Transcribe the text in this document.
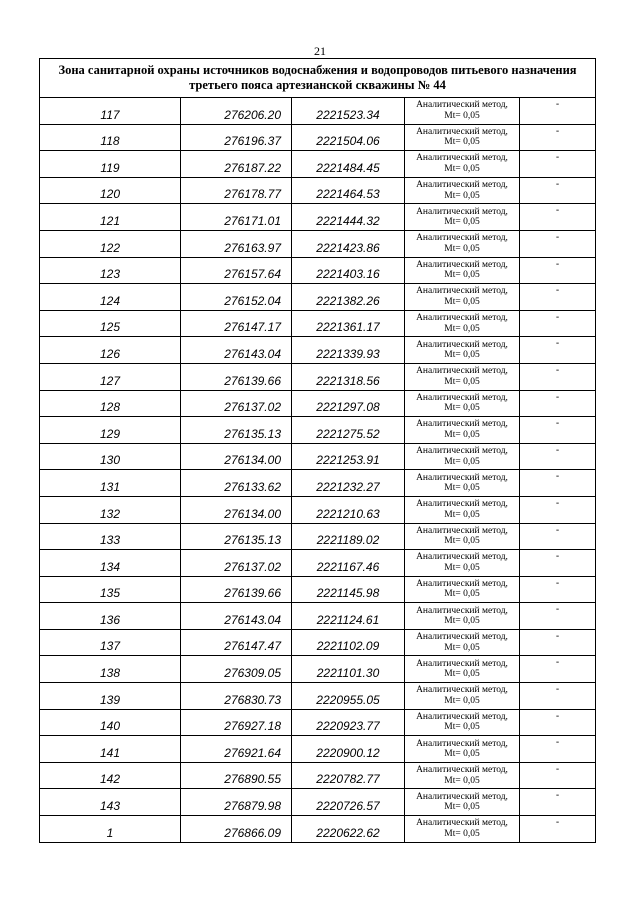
21
Зона санитарной охраны источников водоснабжения и водопроводов питьевого назначения
третьего пояса артезианской скважины № 44				
117	276206.20	2221523.34	Аналитический метод,
Mt= 0,05	-
118	276196.37	2221504.06	Аналитический метод,
Mt= 0,05	-
119	276187.22	2221484.45	Аналитический метод,
Mt= 0,05	-
120	276178.77	2221464.53	Аналитический метод,
Mt= 0,05	-
121	276171.01	2221444.32	Аналитический метод,
Mt= 0,05	-
122	276163.97	2221423.86	Аналитический метод,
Mt= 0,05	-
123	276157.64	2221403.16	Аналитический метод,
Mt= 0,05	-
124	276152.04	2221382.26	Аналитический метод,
Mt= 0,05	-
125	276147.17	2221361.17	Аналитический метод,
Mt= 0,05	-
126	276143.04	2221339.93	Аналитический метод,
Mt= 0,05	-
127	276139.66	2221318.56	Аналитический метод,
Mt= 0,05	-
128	276137.02	2221297.08	Аналитический метод,
Mt= 0,05	-
129	276135.13	2221275.52	Аналитический метод,
Mt= 0,05	-
130	276134.00	2221253.91	Аналитический метод,
Mt= 0,05	-
131	276133.62	2221232.27	Аналитический метод,
Mt= 0,05	-
132	276134.00	2221210.63	Аналитический метод,
Mt= 0,05	-
133	276135.13	2221189.02	Аналитический метод,
Mt= 0,05	-
134	276137.02	2221167.46	Аналитический метод,
Mt= 0,05	-
135	276139.66	2221145.98	Аналитический метод,
Mt= 0,05	-
136	276143.04	2221124.61	Аналитический метод,
Mt= 0,05	-
137	276147.47	2221102.09	Аналитический метод,
Mt= 0,05	-
138	276309.05	2221101.30	Аналитический метод,
Mt= 0,05	-
139	276830.73	2220955.05	Аналитический метод,
Mt= 0,05	-
140	276927.18	2220923.77	Аналитический метод,
Mt= 0,05	-
141	276921.64	2220900.12	Аналитический метод,
Mt= 0,05	-
142	276890.55	2220782.77	Аналитический метод,
Mt= 0,05	-
143	276879.98	2220726.57	Аналитический метод,
Mt= 0,05	-
1	276866.09	2220622.62	Аналитический метод,
Mt= 0,05	-
